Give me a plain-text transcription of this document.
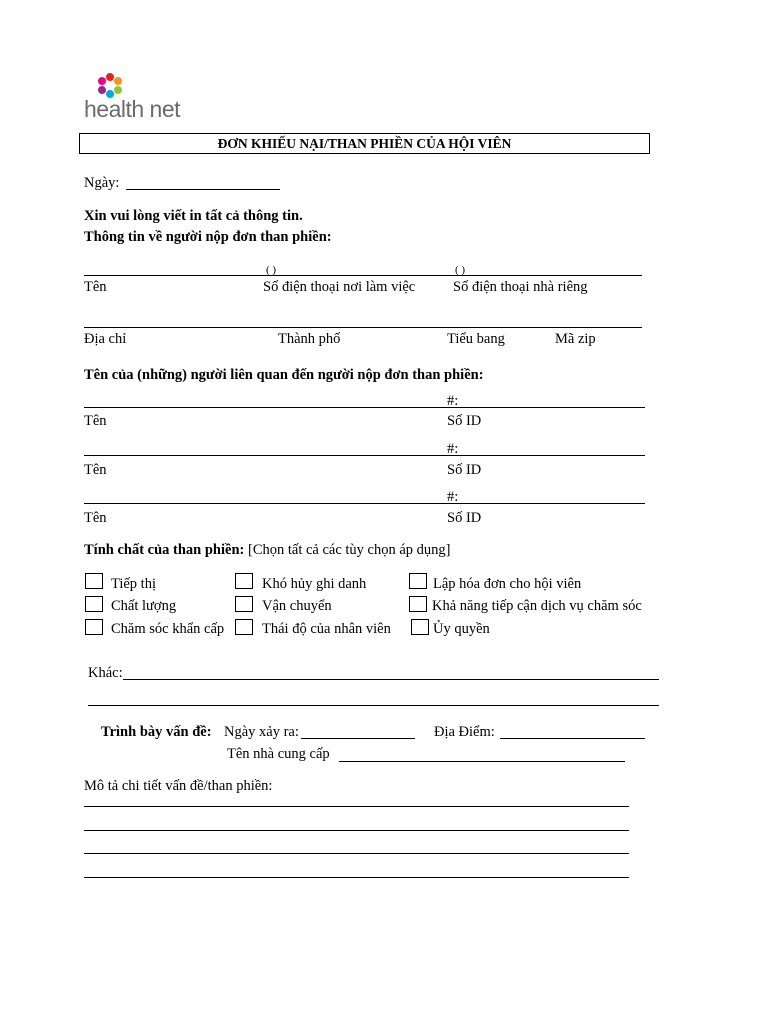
health net
ĐƠN KHIẾU NẠI/THAN PHIỀN CỦA HỘI VIÊN
Ngày:
Xin vui lòng viết in tất cả thông tin.
Thông tin về người nộp đơn than phiền:
( )	( )
Tên	Số điện thoại nơi làm việc	Số điện thoại nhà riêng
Địa chỉ	Thành phố	Tiểu bang	Mã zip
Tên của (những) người liên quan đến người nộp đơn than phiền:
#:
Tên	Số ID
#:
Tên	Số ID
#:
Tên	Số ID
Tính chất của than phiền: [Chọn tất cả các tùy chọn áp dụng]
Tiếp thị	Khó hủy ghi danh	Lập hóa đơn cho hội viên
Chất lượng	Vận chuyển	Khả năng tiếp cận dịch vụ chăm sóc
Chăm sóc khẩn cấp	Thái độ của nhân viên	Ủy quyền
Khác:
Trình bày vấn đề: Ngày xảy ra:	Địa Điểm:
Tên nhà cung cấp
Mô tả chi tiết vấn đề/than phiền:
